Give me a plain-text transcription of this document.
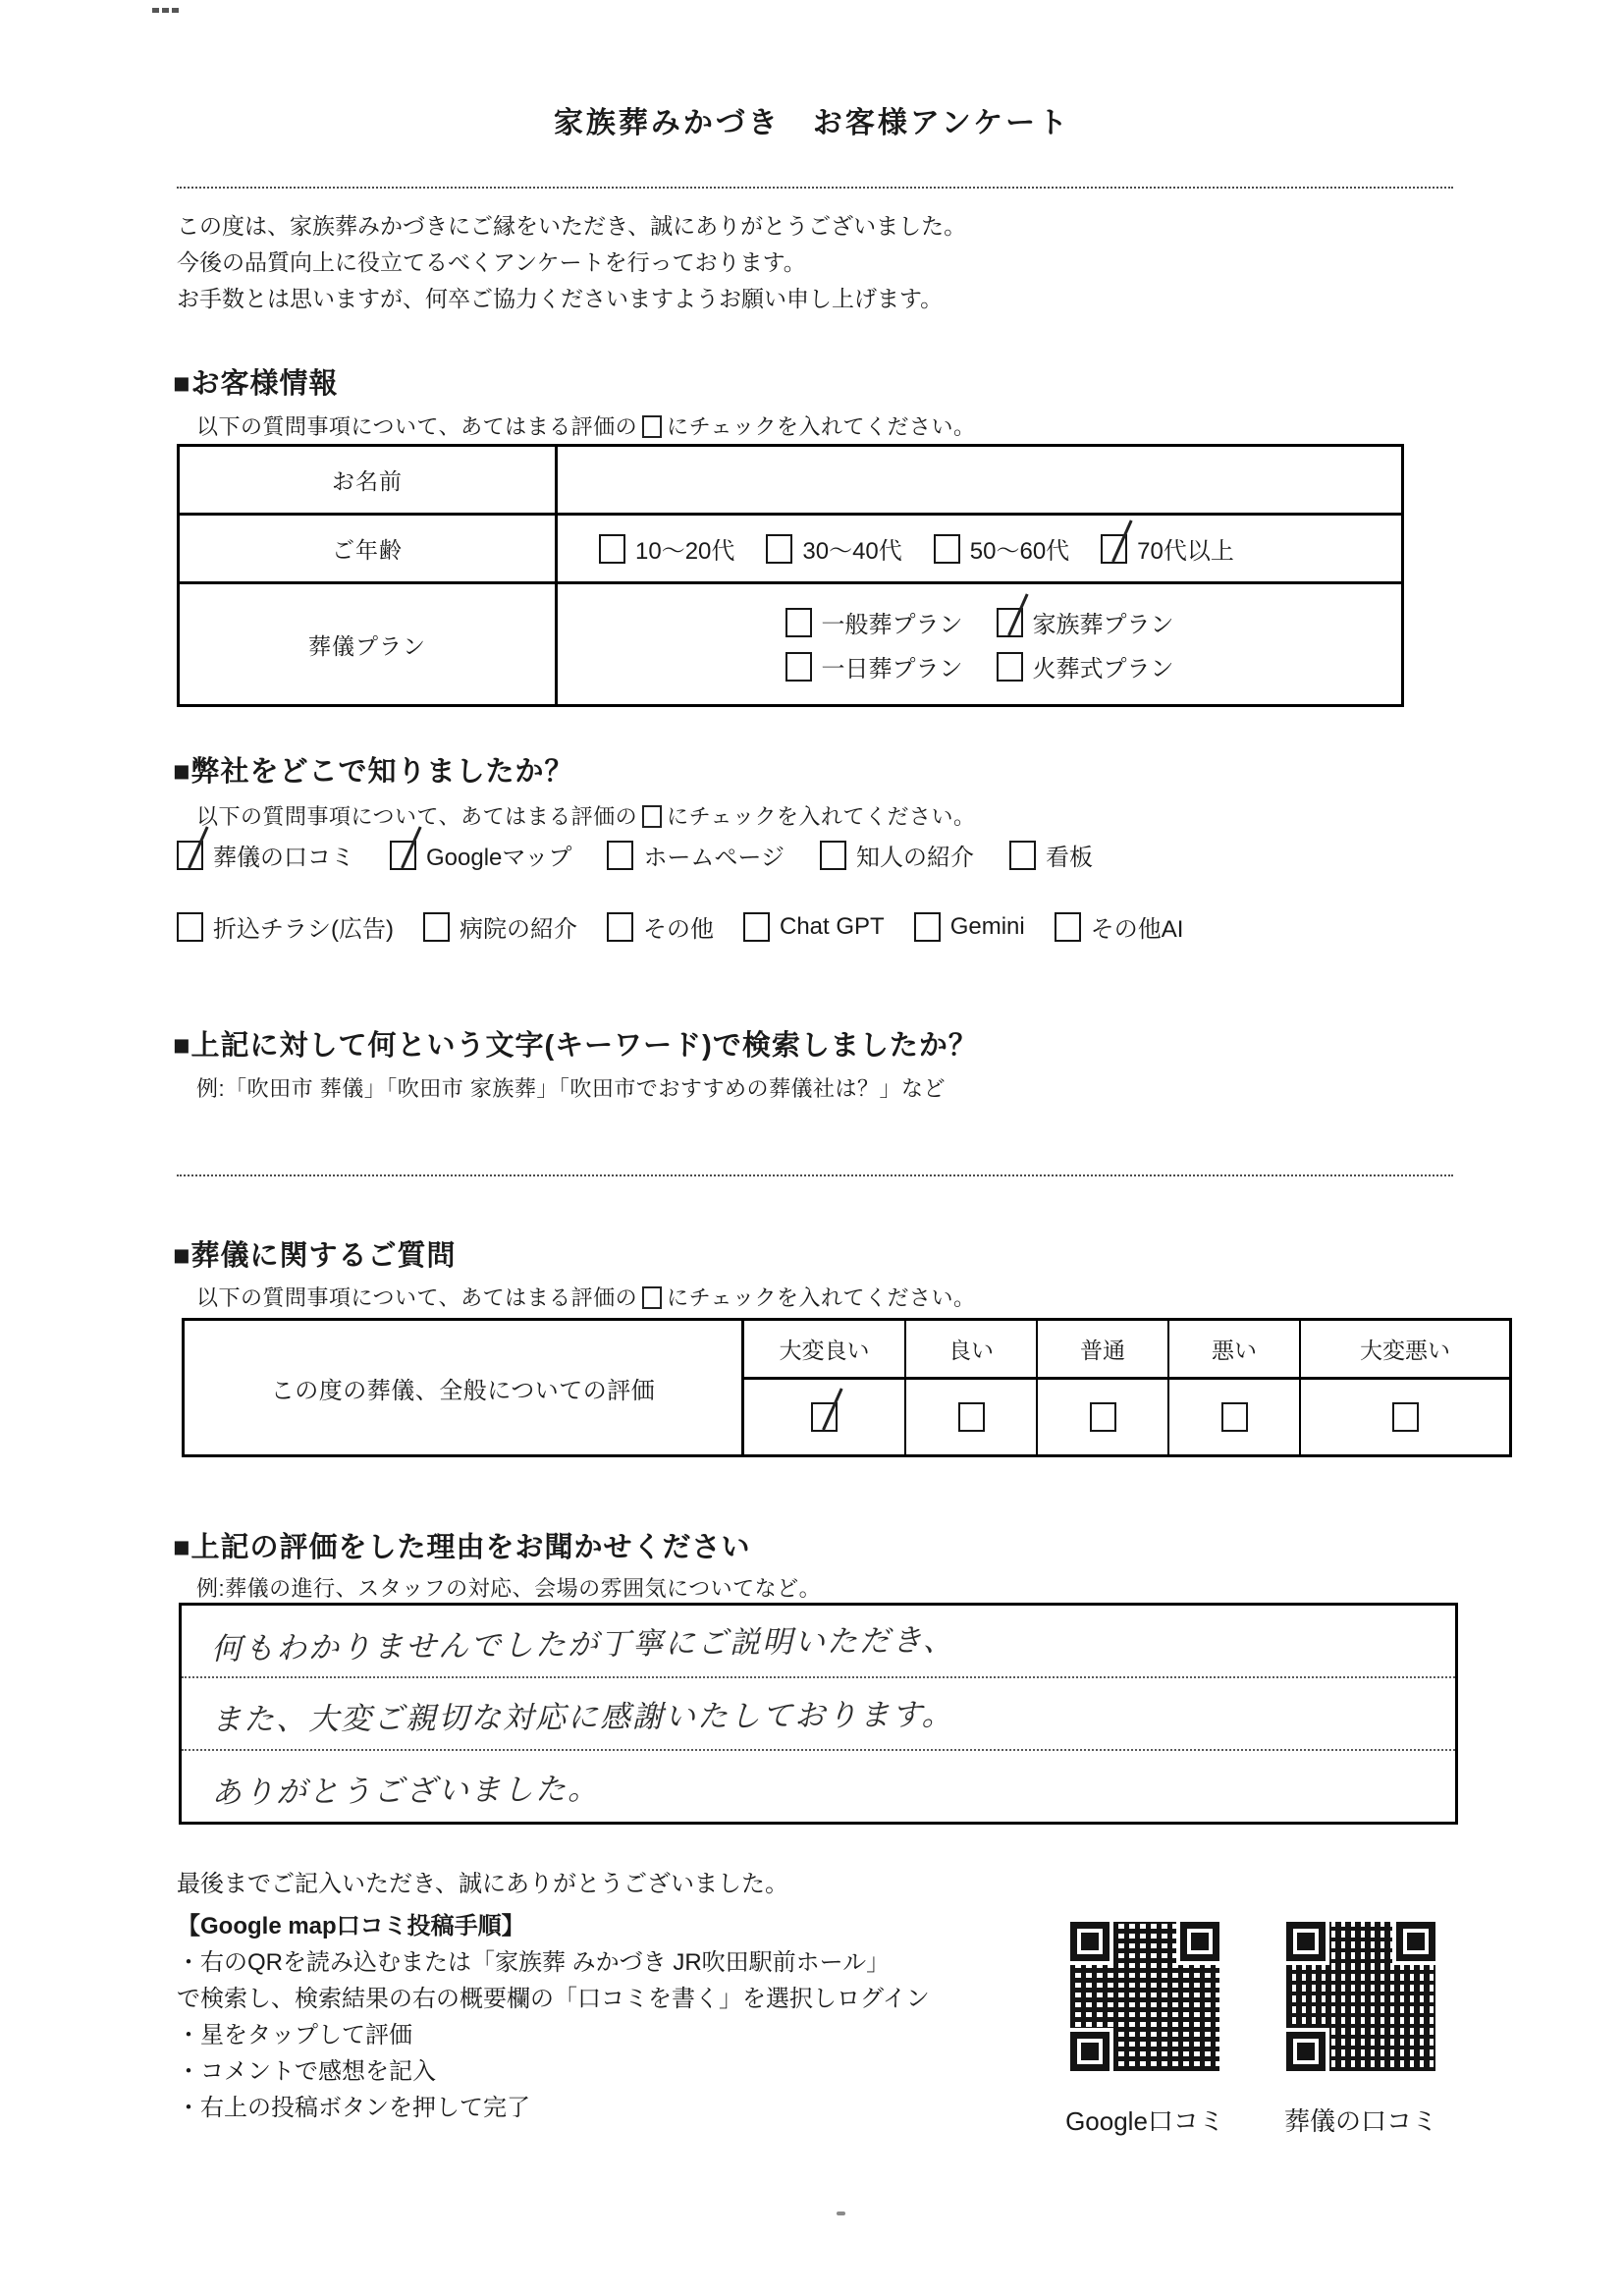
家族葬みかづき　お客様アンケート
この度は、家族葬みかづきにご縁をいただき、誠にありがとうございました。
今後の品質向上に役立てるべくアンケートを行っております。
お手数とは思いますが、何卒ご協力くださいますようお願い申し上げます。
■お客様情報
以下の質問事項について、あてはまる評価の にチェックを入れてください。
お名前
ご年齢	10〜20代	30〜40代	50〜60代	70代以上
葬儀プラン
一般葬プラン	家族葬プラン
一日葬プラン	火葬式プラン
■弊社をどこで知りましたか？
以下の質問事項について、あてはまる評価の にチェックを入れてください。
葬儀の口コミ	Googleマップ	ホームページ	知人の紹介	看板
折込チラシ(広告)	病院の紹介	その他	Chat GPT	Gemini	その他AI
■上記に対して何という文字(キーワード)で検索しましたか？
例:「吹田市 葬儀」「吹田市 家族葬」「吹田市でおすすめの葬儀社は？」など
■葬儀に関するご質問
以下の質問事項について、あてはまる評価の にチェックを入れてください。
この度の葬儀、全般についての評価
大変良い	良い	普通	悪い	大変悪い
■上記の評価をした理由をお聞かせください
例:葬儀の進行、スタッフの対応、会場の雰囲気についてなど。
何もわかりませんでしたが丁寧にご説明いただき、
また、大変ご親切な対応に感謝いたしております。
ありがとうございました。
最後までご記入いただき、誠にありがとうございました。
【Google map口コミ投稿手順】
・右のQRを読み込むまたは「家族葬 みかづき JR吹田駅前ホール」
で検索し、検索結果の右の概要欄の「口コミを書く」を選択しログイン
・星をタップして評価
・コメントで感想を記入
・右上の投稿ボタンを押して完了	Google口コミ	葬儀の口コミ
